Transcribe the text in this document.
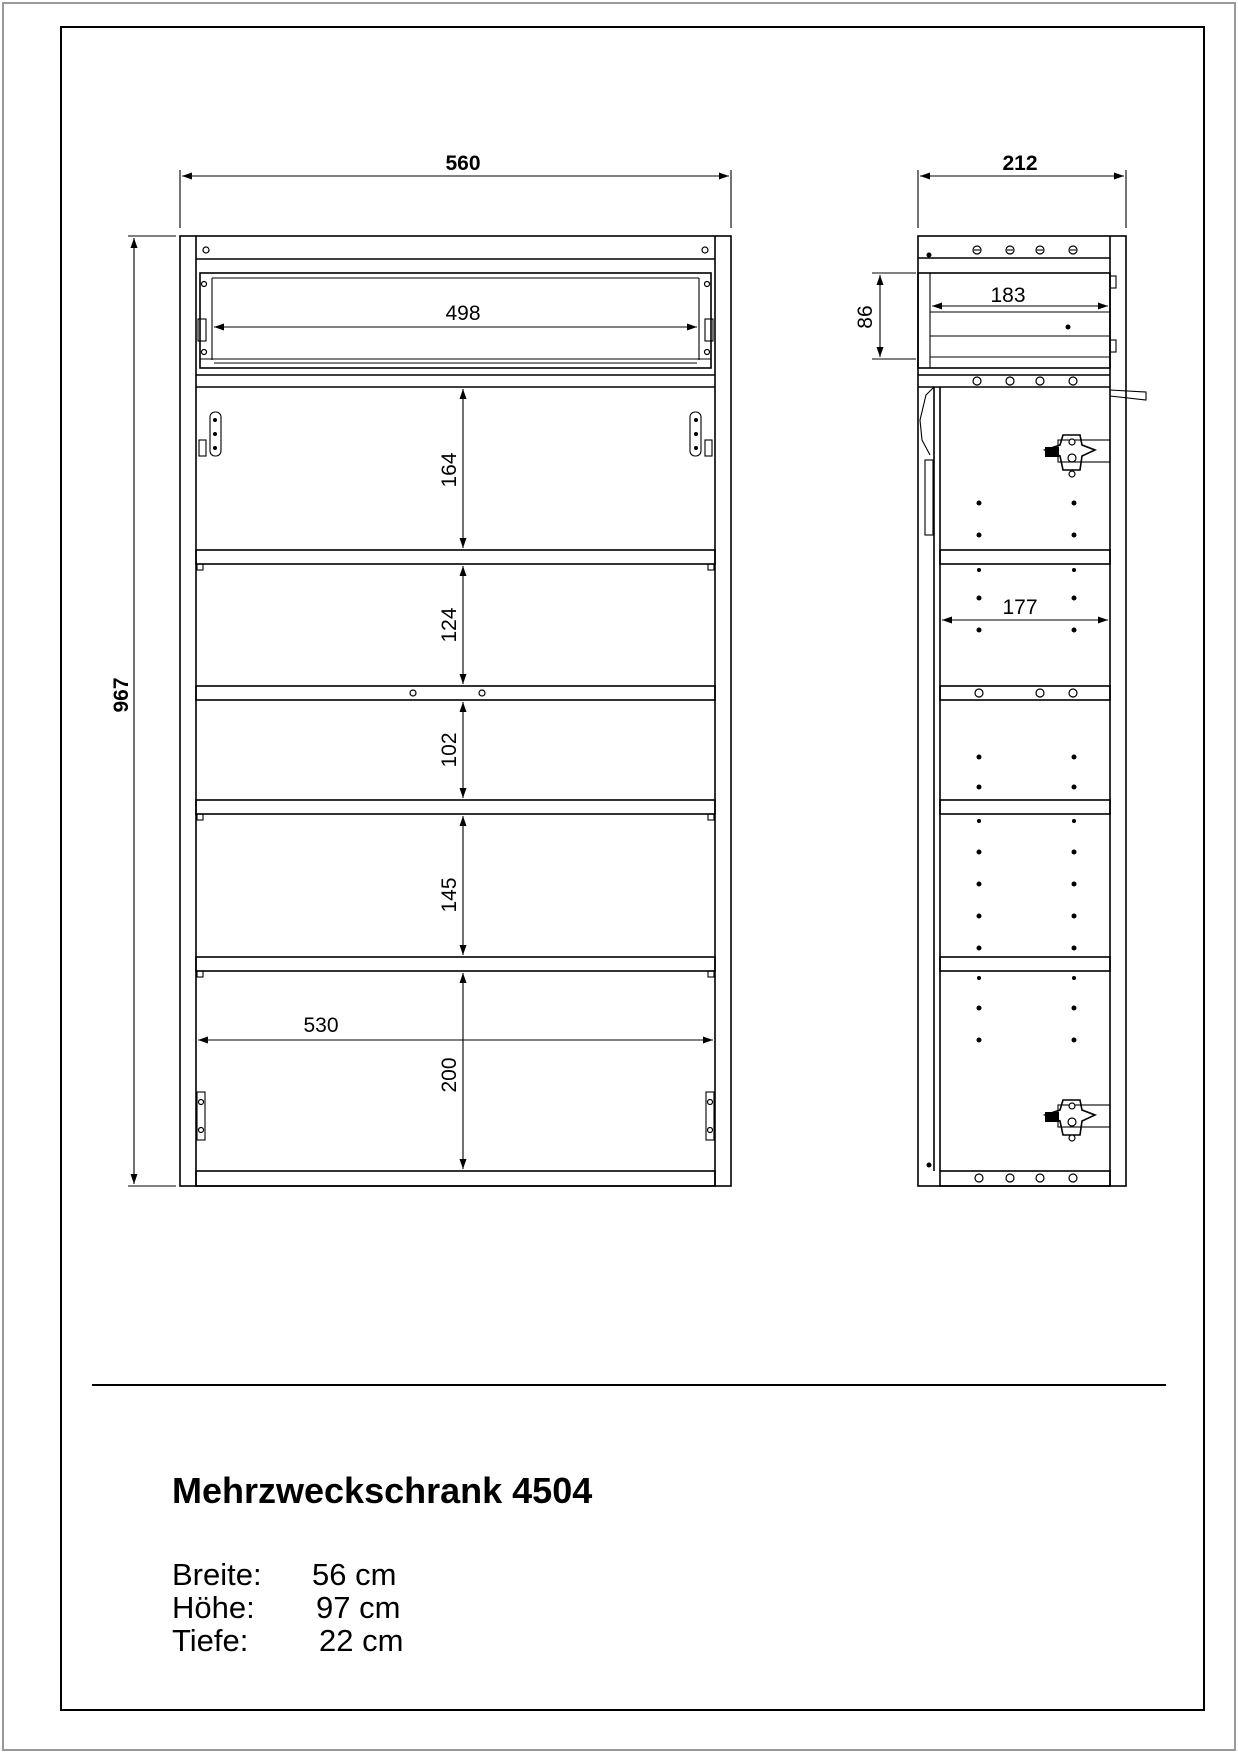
560
967
498
164
124
102
145
200
530
212
86
183
177
Mehrzweckschrank 4504
Breite: 56 cm
Höhe: 97 cm
Tiefe: 22 cm
